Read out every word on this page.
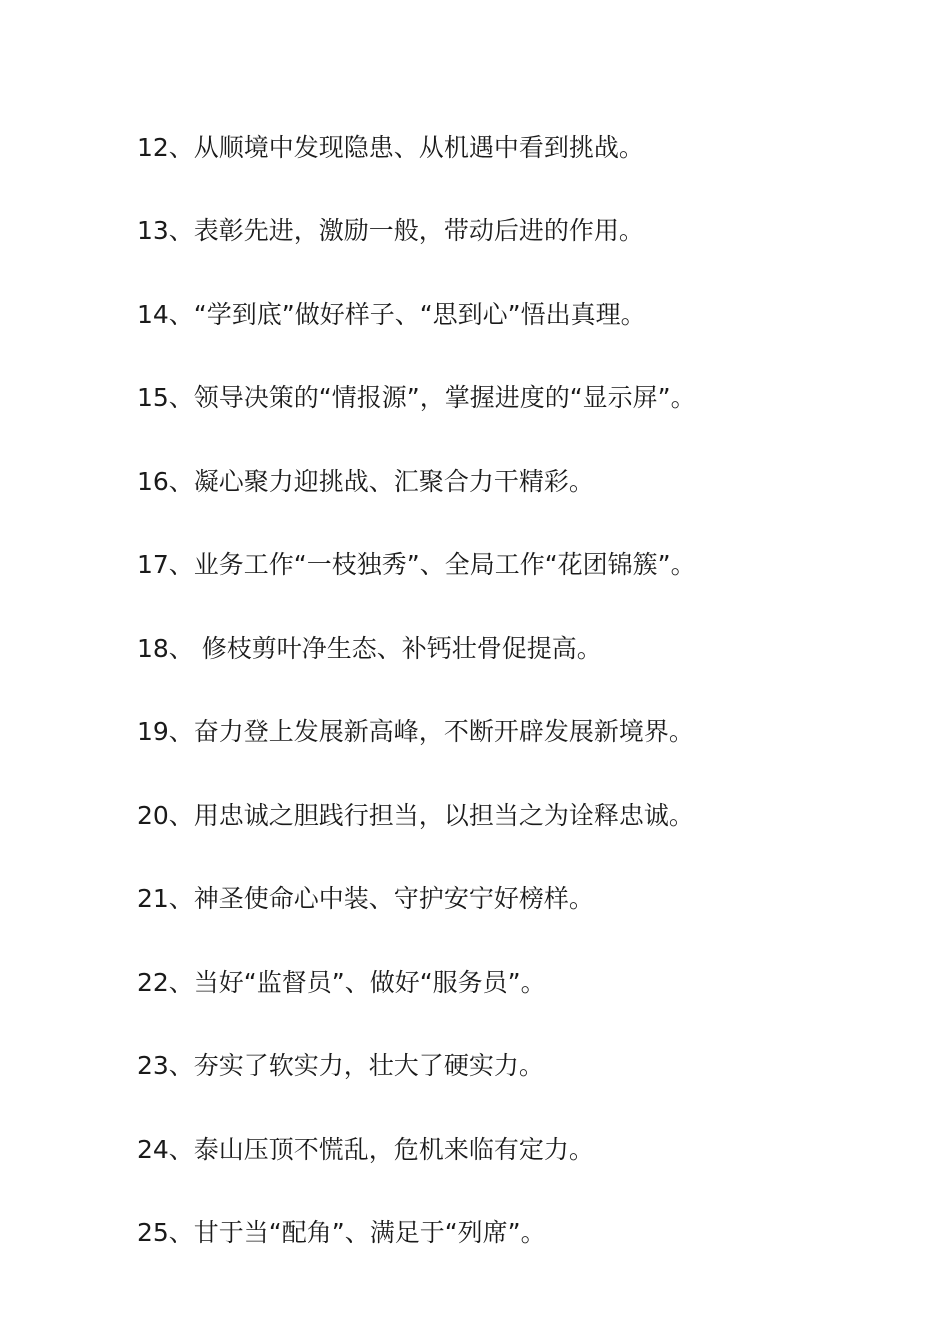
12、从顺境中发现隐患、从机遇中看到挑战。
13、表彰先进，激励一般，带动后进的作用。
14、“学到底”做好样子、“思到心”悟出真理。
15、领导决策的“情报源”，掌握进度的“显示屏”。
16、凝心聚力迎挑战、汇聚合力干精彩。
17、业务工作“一枝独秀”、全局工作“花团锦簇”。
18、 修枝剪叶净生态、补钙壮骨促提高。
19、奋力登上发展新高峰，不断开辟发展新境界。
20、用忠诚之胆践行担当，以担当之为诠释忠诚。
21、神圣使命心中装、守护安宁好榜样。
22、当好“监督员”、做好“服务员”。
23、夯实了软实力，壮大了硬实力。
24、泰山压顶不慌乱，危机来临有定力。
25、甘于当“配角”、满足于“列席”。
